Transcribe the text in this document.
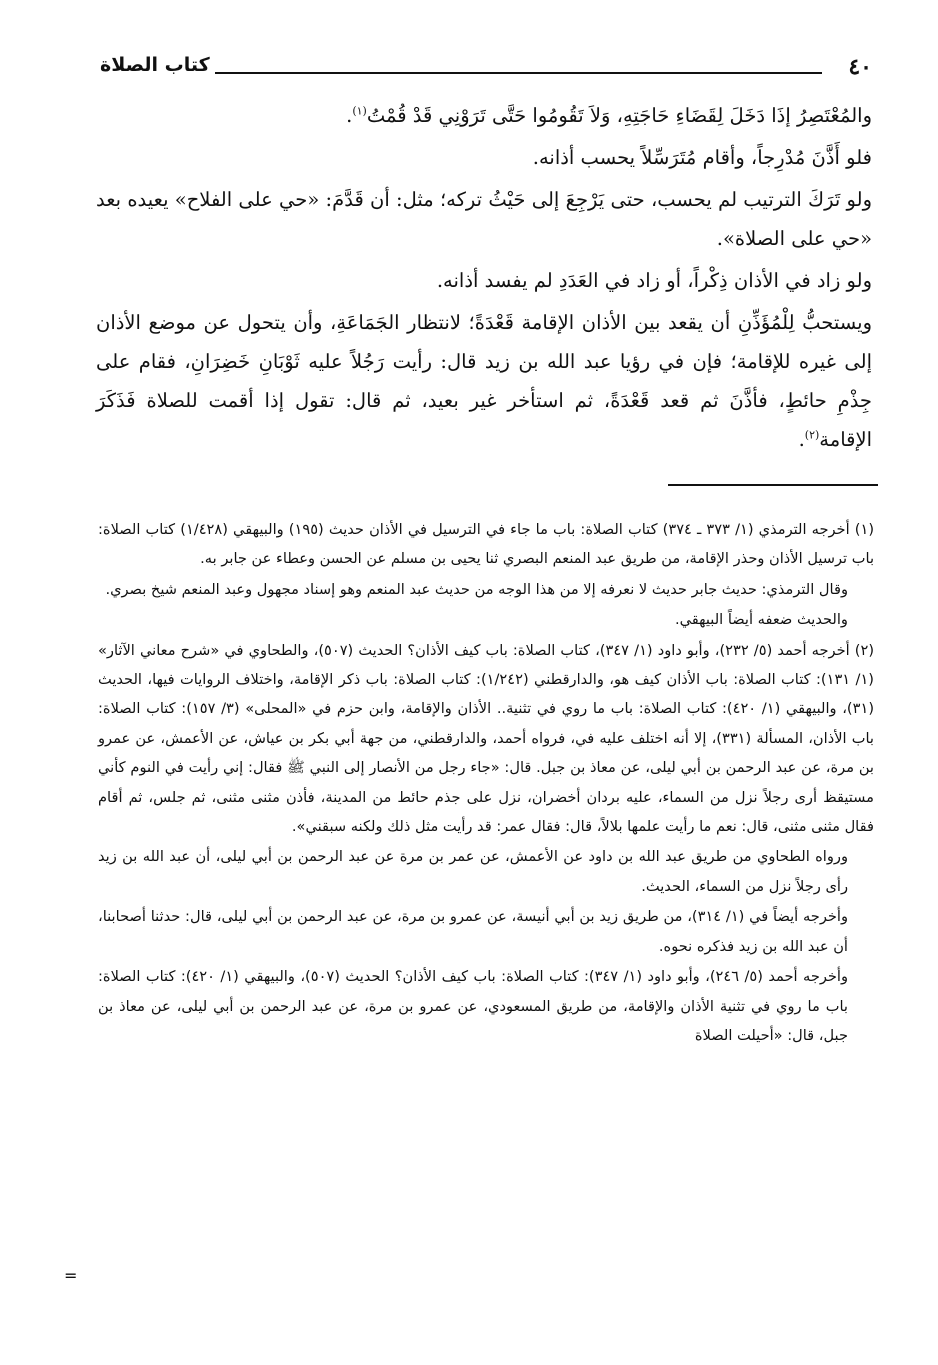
٤٠
كتاب الصلاة

والمُعْتَصِرُ إذَا دَخَلَ لِقَضَاءِ حَاجَتِهِ، وَلاَ تَقُومُوا حَتَّى تَرَوْنِي قَدْ قُمْتُ$^{(١)}$.

فلو أَذَّنَ مُدْرِجاً، وأقام مُتَرَسِّلاً يحسب أذانه.

ولو تَرَكَ الترتيب لم يحسب، حتى يَرْجِعَ إلى حَيْثُ تركه؛ مثل: أن قَدَّمَ: «حي على الفلاح» يعيده بعد «حي على الصلاة».

ولو زاد في الأذان ذِكْراً، أو زاد في العَدَدِ لم يفسد أذانه.

ويستحبُّ لِلْمُؤَذِّنِ أن يقعد بين الأذان الإقامة قَعْدَةً؛ لانتظار الجَمَاعَةِ، وأن يتحول عن موضع الأذان إلى غيره للإقامة؛ فإن في رؤيا عبد الله بن زيد قال: رأيت رَجُلاً عليه ثَوْبَانِ خَضِرَانِ، فقام على جِذْمِ حائطٍ، فأذَّنَ ثم قعد قَعْدَةً، ثم استأخر غير بعيد، ثم قال: تقول إذا أقمت للصلاة فَذَكَرَ الإقامة$^{(٢)}$.

(١) أخرجه الترمذي (١/ ٣٧٣ ـ ٣٧٤) كتاب الصلاة: باب ما جاء في الترسيل في الأذان حديث (١٩٥) والبيهقي (١/٤٢٨) كتاب الصلاة: باب ترسيل الأذان وحذر الإقامة، من طريق عبد المنعم البصري ثنا يحيى بن مسلم عن الحسن وعطاء عن جابر به.

وقال الترمذي: حديث جابر حديث لا نعرفه إلا من هذا الوجه من حديث عبد المنعم وهو إسناد مجهول وعبد المنعم شيخ بصري.

والحديث ضعفه أيضاً البيهقي.

(٢) أخرجه أحمد (٥/ ٢٣٢)، وأبو داود (١/ ٣٤٧)، كتاب الصلاة: باب كيف الأذان؟ الحديث (٥٠٧)، والطحاوي في «شرح معاني الآثار» (١/ ١٣١): كتاب الصلاة: باب الأذان كيف هو، والدارقطني (١/٢٤٢): كتاب الصلاة: باب ذكر الإقامة، واختلاف الروايات فيها، الحديث (٣١)، والبيهقي (١/ ٤٢٠): كتاب الصلاة: باب ما روي في تثنية.. الأذان والإقامة، وابن حزم في «المحلى» (٣/ ١٥٧): كتاب الصلاة: باب الأذان، المسألة (٣٣١)، إلا أنه اختلف عليه في، فرواه أحمد، والدارقطني، من جهة أبي بكر بن عياش، عن الأعمش، عن عمرو بن مرة، عن عبد الرحمن بن أبي ليلى، عن معاذ بن جبل. قال: «جاء رجل من الأنصار إلى النبي ﷺ فقال: إني رأيت في النوم كأني مستيقظ أرى رجلاً نزل من السماء، عليه بردان أخضران، نزل على جذم حائط من المدينة، فأذن مثنى مثنى، ثم جلس، ثم أقام فقال مثنى مثنى، قال: نعم ما رأيت علمها بلالاً، قال: فقال عمر: قد رأيت مثل ذلك ولكنه سبقني».

ورواه الطحاوي من طريق عبد الله بن داود عن الأعمش، عن عمر بن مرة عن عبد الرحمن بن أبي ليلى، أن عبد الله بن زيد رأى رجلاً نزل من السماء، الحديث.

وأخرجه أيضاً في (١/ ٣١٤)، من طريق زيد بن أبي أنيسة، عن عمرو بن مرة، عن عبد الرحمن بن أبي ليلى، قال: حدثنا أصحابنا، أن عبد الله بن زيد فذكره نحوه.

وأخرجه أحمد (٥/ ٢٤٦)، وأبو داود (١/ ٣٤٧): كتاب الصلاة: باب كيف الأذان؟ الحديث (٥٠٧)، والبيهقي (١/ ٤٢٠): كتاب الصلاة: باب ما روي في تثنية الأذان والإقامة، من طريق المسعودي، عن عمرو بن مرة، عن عبد الرحمن بن أبي ليلى، عن معاذ بن جبل، قال: «أحيلت الصلاة

=
